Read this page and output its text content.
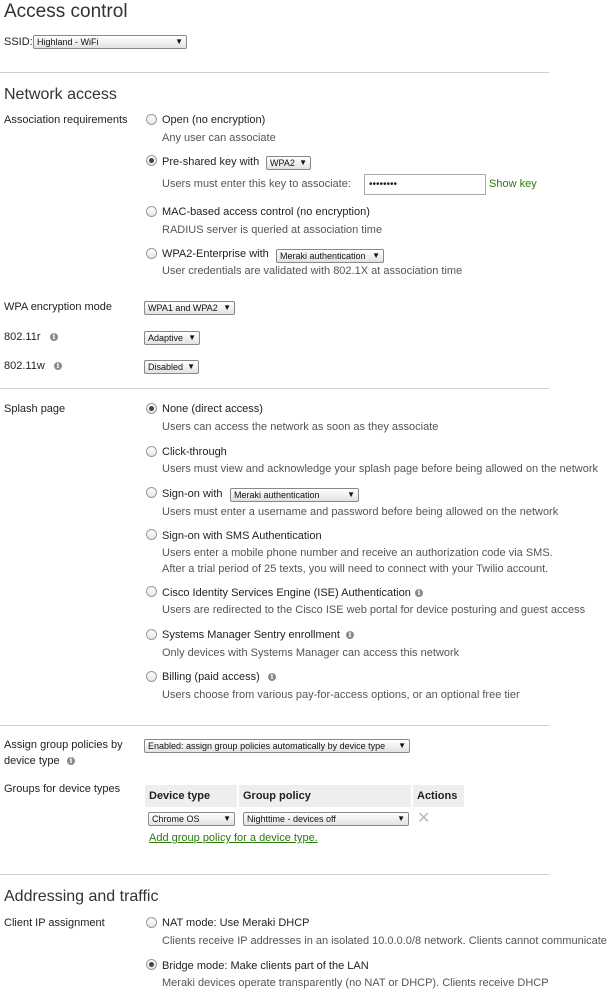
Access control
SSID: Highland - WiFi	▼
Network access
Association requirements	Open (no encryption)
Any user can associate
Pre-shared key with	WPA2 ▼
Users must enter this key to associate:	••••••••	Show key
MAC-based access control (no encryption)
RADIUS server is queried at association time
WPA2-Enterprise with	Meraki authentication ▼
User credentials are validated with 802.1X at association time
WPA encryption mode	WPA1 and WPA2 ▼
802.11r	i	Adaptive ▼
802.11w	i	Disabled ▼
Splash page	None (direct access)
Users can access the network as soon as they associate
Click-through
Users must view and acknowledge your splash page before being allowed on the network
Sign-on with	Meraki authentication	▼
Users must enter a username and password before being allowed on the network
Sign-on with SMS Authentication
Users enter a mobile phone number and receive an authorization code via SMS.
After a trial period of 25 texts, you will need to connect with your Twilio account.
Cisco Identity Services Engine (ISE) Authentication i
Users are redirected to the Cisco ISE web portal for device posturing and guest access
Systems Manager Sentry enrollment	i
Only devices with Systems Manager can access this network
Billing (paid access)	i
Users choose from various pay-for-access options, or an optional free tier
Assign group policies by
device type	i
Enabled: assign group policies automatically by device type ▼
Groups for device types
Device type	Group policy	Actions
Chrome OS	▼	Nighttime - devices off	▼ ✕
Add group policy for a device type.
Addressing and traffic
Client IP assignment	NAT mode: Use Meraki DHCP
Clients receive IP addresses in an isolated 10.0.0.0/8 network. Clients cannot communicate
Bridge mode: Make clients part of the LAN
Meraki devices operate transparently (no NAT or DHCP). Clients receive DHCP
